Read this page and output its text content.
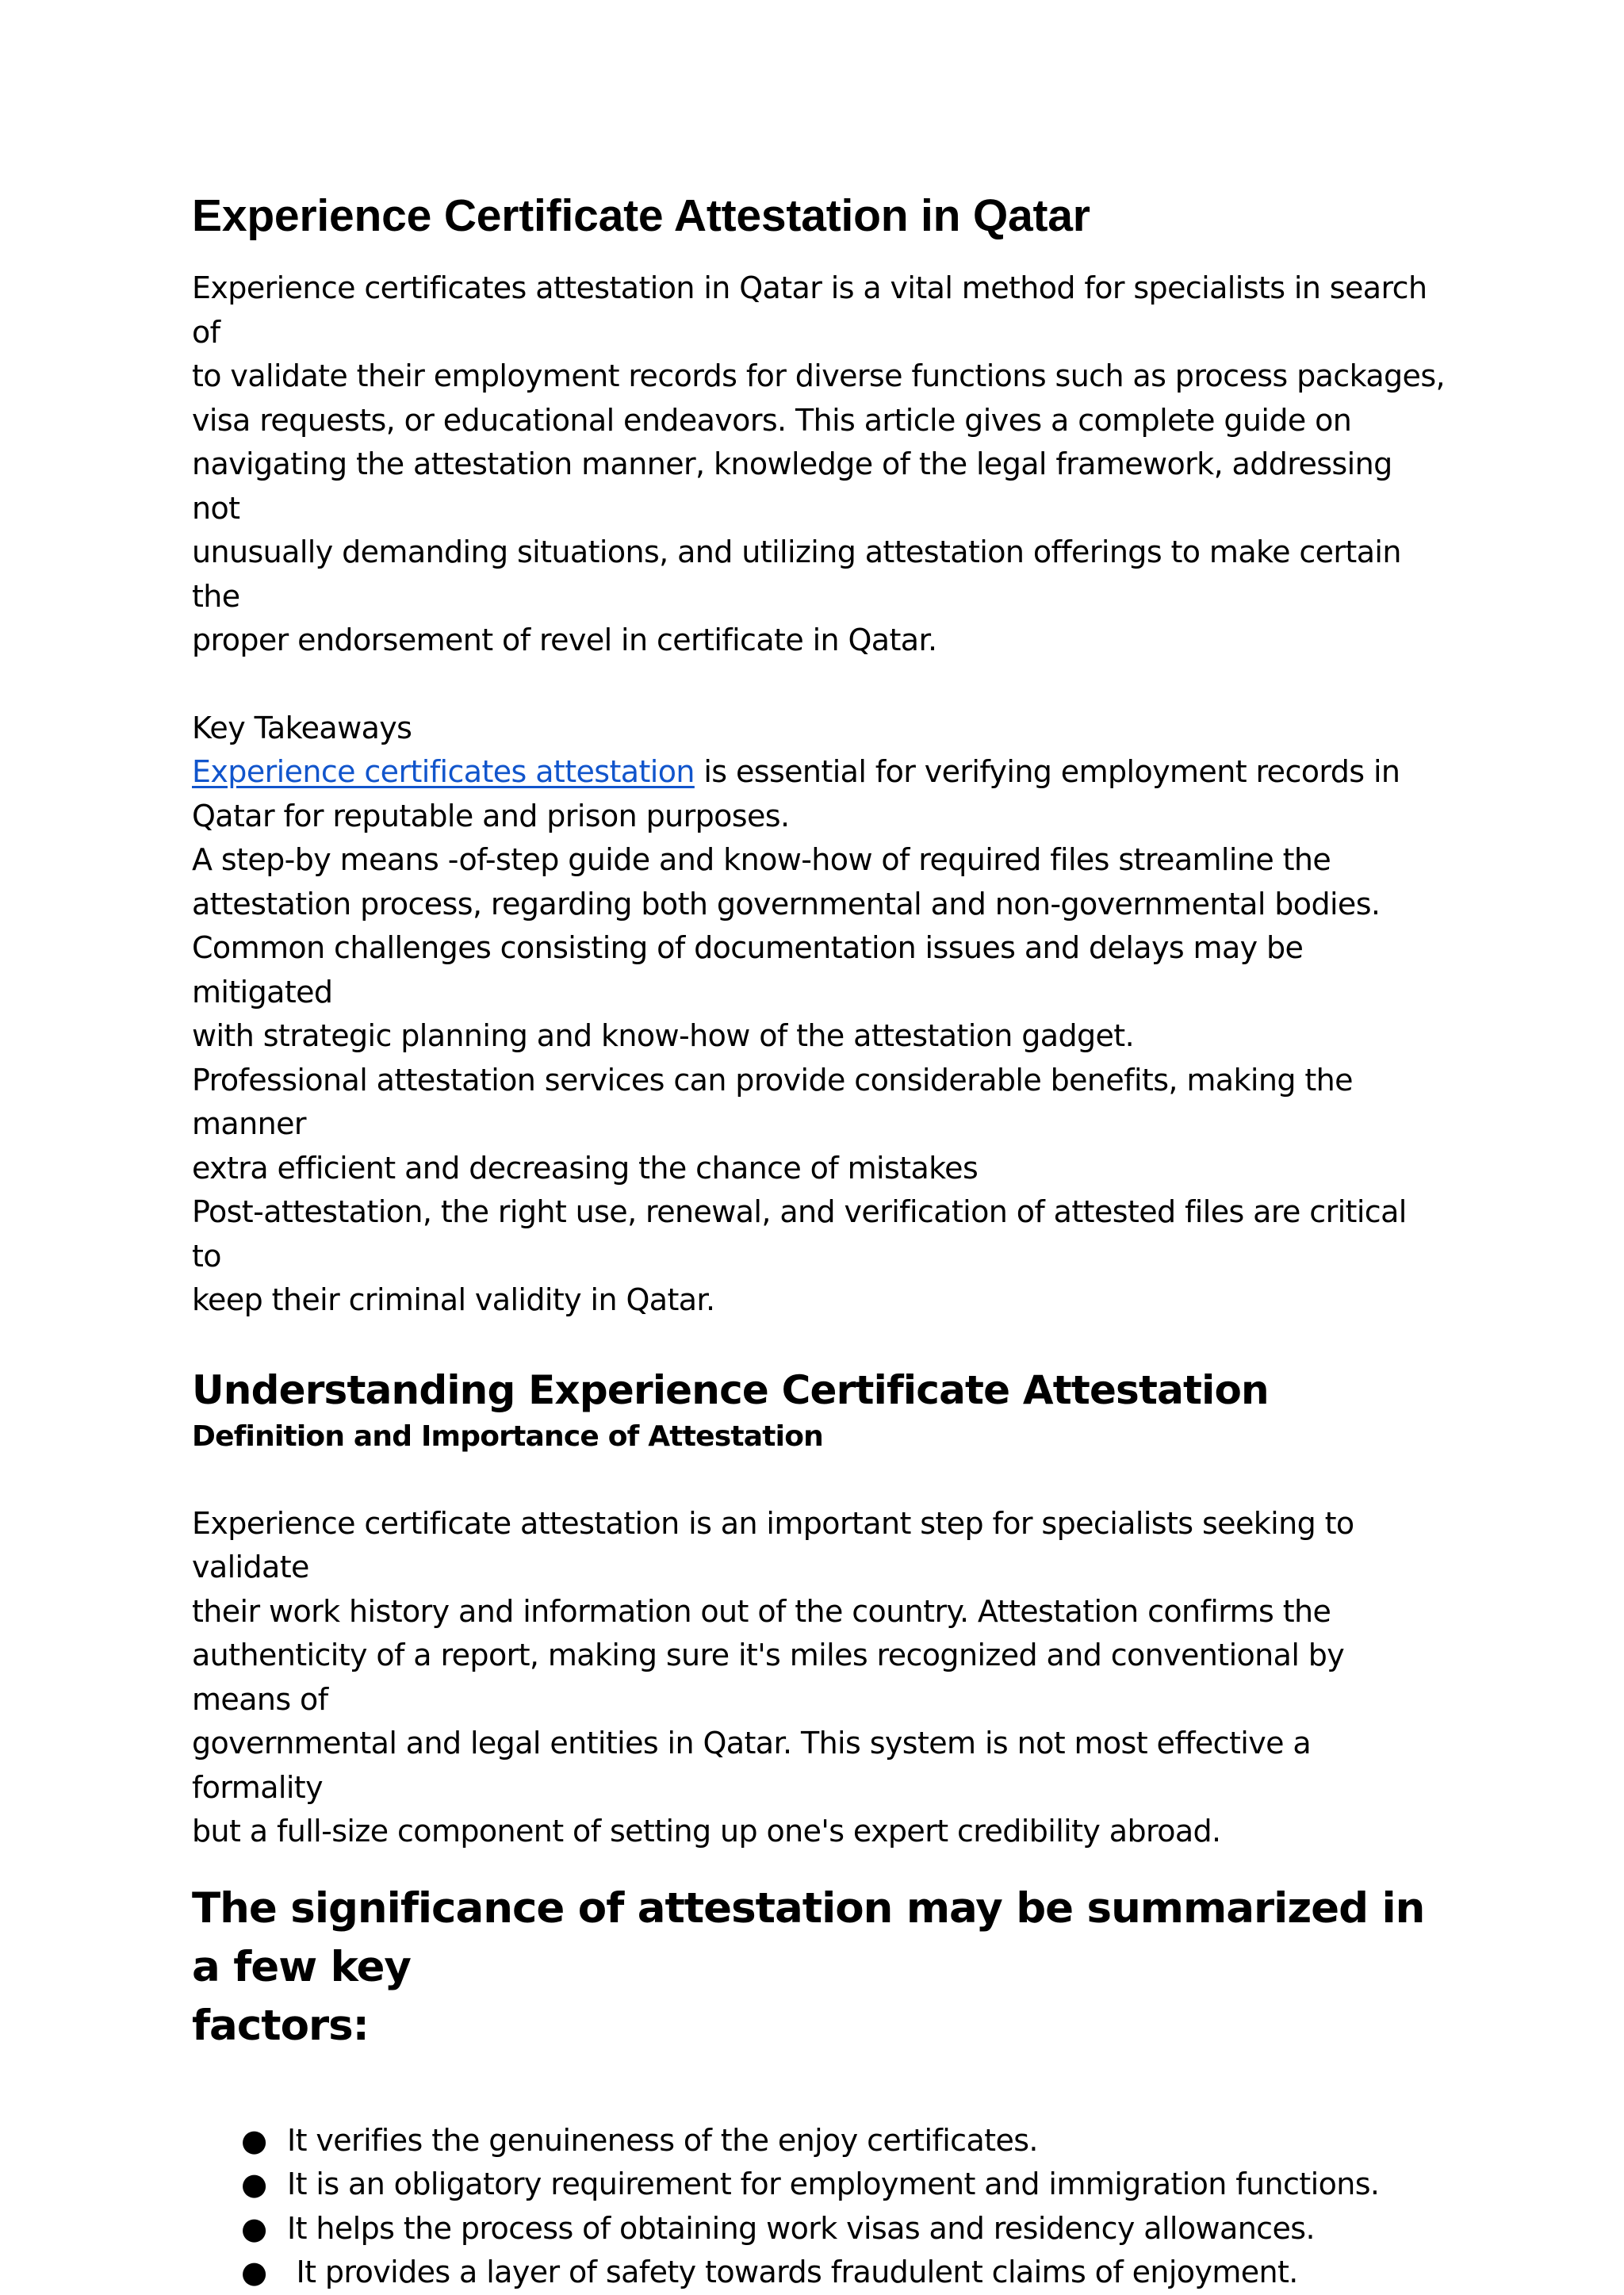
Experience Certificate Attestation in Qatar
Experience certificates attestation in Qatar is a vital method for specialists in search of
to validate their employment records for diverse functions such as process packages,
visa requests, or educational endeavors. This article gives a complete guide on
navigating the attestation manner, knowledge of the legal framework, addressing not
unusually demanding situations, and utilizing attestation offerings to make certain the
proper endorsement of revel in certificate in Qatar.
Key Takeaways
Experience certificates attestation is essential for verifying employment records in
Qatar for reputable and prison purposes.
A step-by means -of-step guide and know-how of required files streamline the
attestation process, regarding both governmental and non-governmental bodies.
Common challenges consisting of documentation issues and delays may be mitigated
with strategic planning and know-how of the attestation gadget.
Professional attestation services can provide considerable benefits, making the manner
extra efficient and decreasing the chance of mistakes
Post-attestation, the right use, renewal, and verification of attested files are critical to
keep their criminal validity in Qatar.
Understanding Experience Certificate Attestation
Definition and Importance of Attestation
Experience certificate attestation is an important step for specialists seeking to validate
their work history and information out of the country. Attestation confirms the
authenticity of a report, making sure it's miles recognized and conventional by means of
governmental and legal entities in Qatar. This system is not most effective a formality
but a full-size component of setting up one's expert credibility abroad.
The significance of attestation may be summarized in a few key
factors:
● It verifies the genuineness of the enjoy certificates.
● It is an obligatory requirement for employment and immigration functions.
● It helps the process of obtaining work visas and residency allowances.
● It provides a layer of safety towards fraudulent claims of enjoyment.
